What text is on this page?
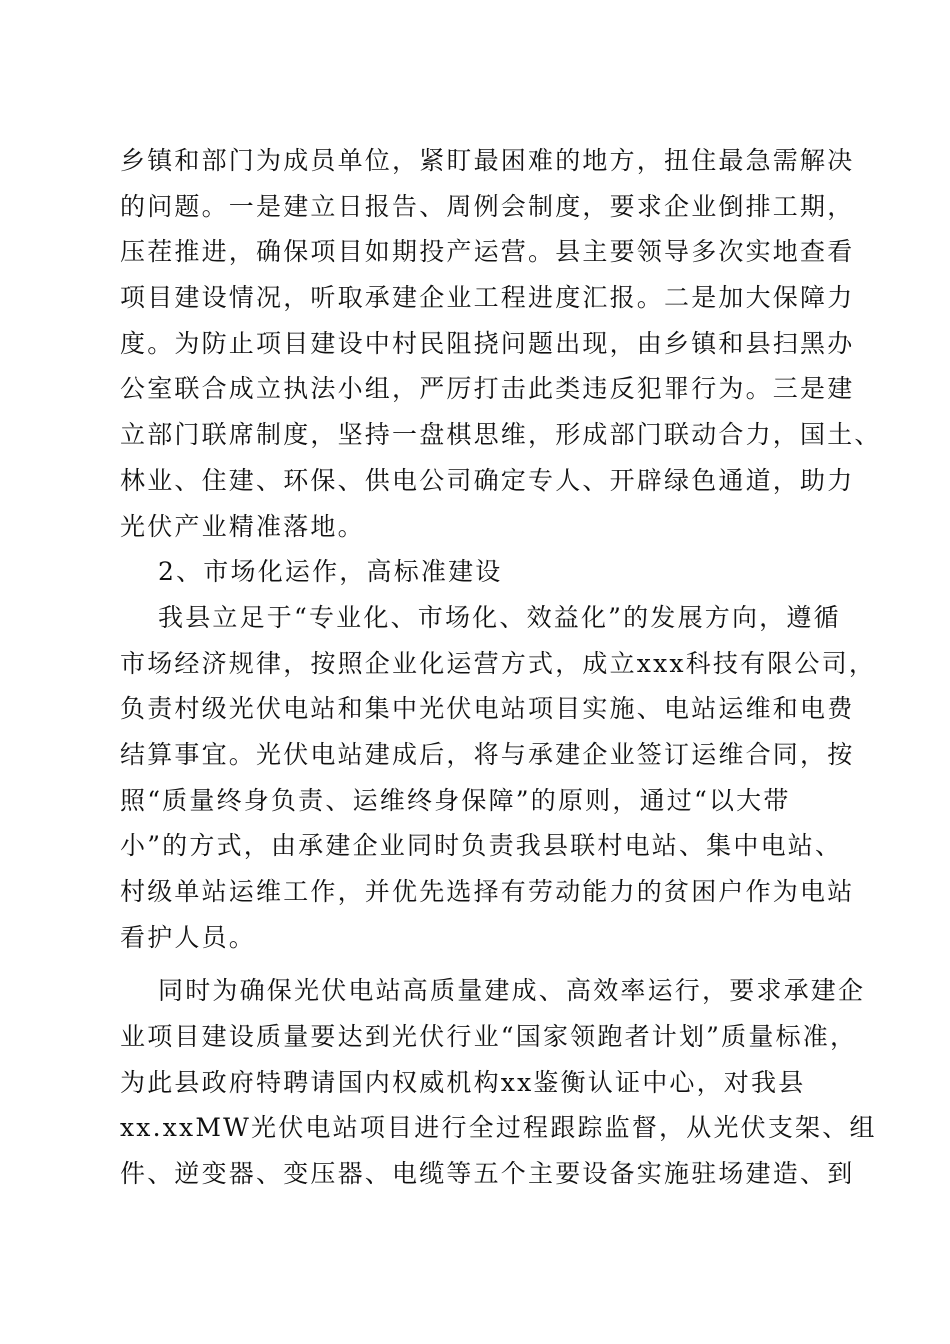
乡镇和部门为成员单位，紧盯最困难的地方，扭住最急需解决
的问题。一是建立日报告、周例会制度，要求企业倒排工期，
压茬推进，确保项目如期投产运营。县主要领导多次实地查看
项目建设情况，听取承建企业工程进度汇报。二是加大保障力
度。为防止项目建设中村民阻挠问题出现，由乡镇和县扫黑办
公室联合成立执法小组，严厉打击此类违反犯罪行为。三是建
立部门联席制度，坚持一盘棋思维，形成部门联动合力，国土、
林业、住建、环保、供电公司确定专人、开辟绿色通道，助力
光伏产业精准落地。
2、市场化运作，高标准建设
我县立足于“专业化、市场化、效益化”的发展方向，遵循
市场经济规律，按照企业化运营方式，成立xxx科技有限公司，
负责村级光伏电站和集中光伏电站项目实施、电站运维和电费
结算事宜。光伏电站建成后，将与承建企业签订运维合同，按
照“质量终身负责、运维终身保障”的原则，通过“以大带
小”的方式，由承建企业同时负责我县联村电站、集中电站、
村级单站运维工作，并优先选择有劳动能力的贫困户作为电站
看护人员。
同时为确保光伏电站高质量建成、高效率运行，要求承建企
业项目建设质量要达到光伏行业“国家领跑者计划”质量标准，
为此县政府特聘请国内权威机构xx鉴衡认证中心，对我县
xx.xxMW光伏电站项目进行全过程跟踪监督，从光伏支架、组
件、逆变器、变压器、电缆等五个主要设备实施驻场建造、到
